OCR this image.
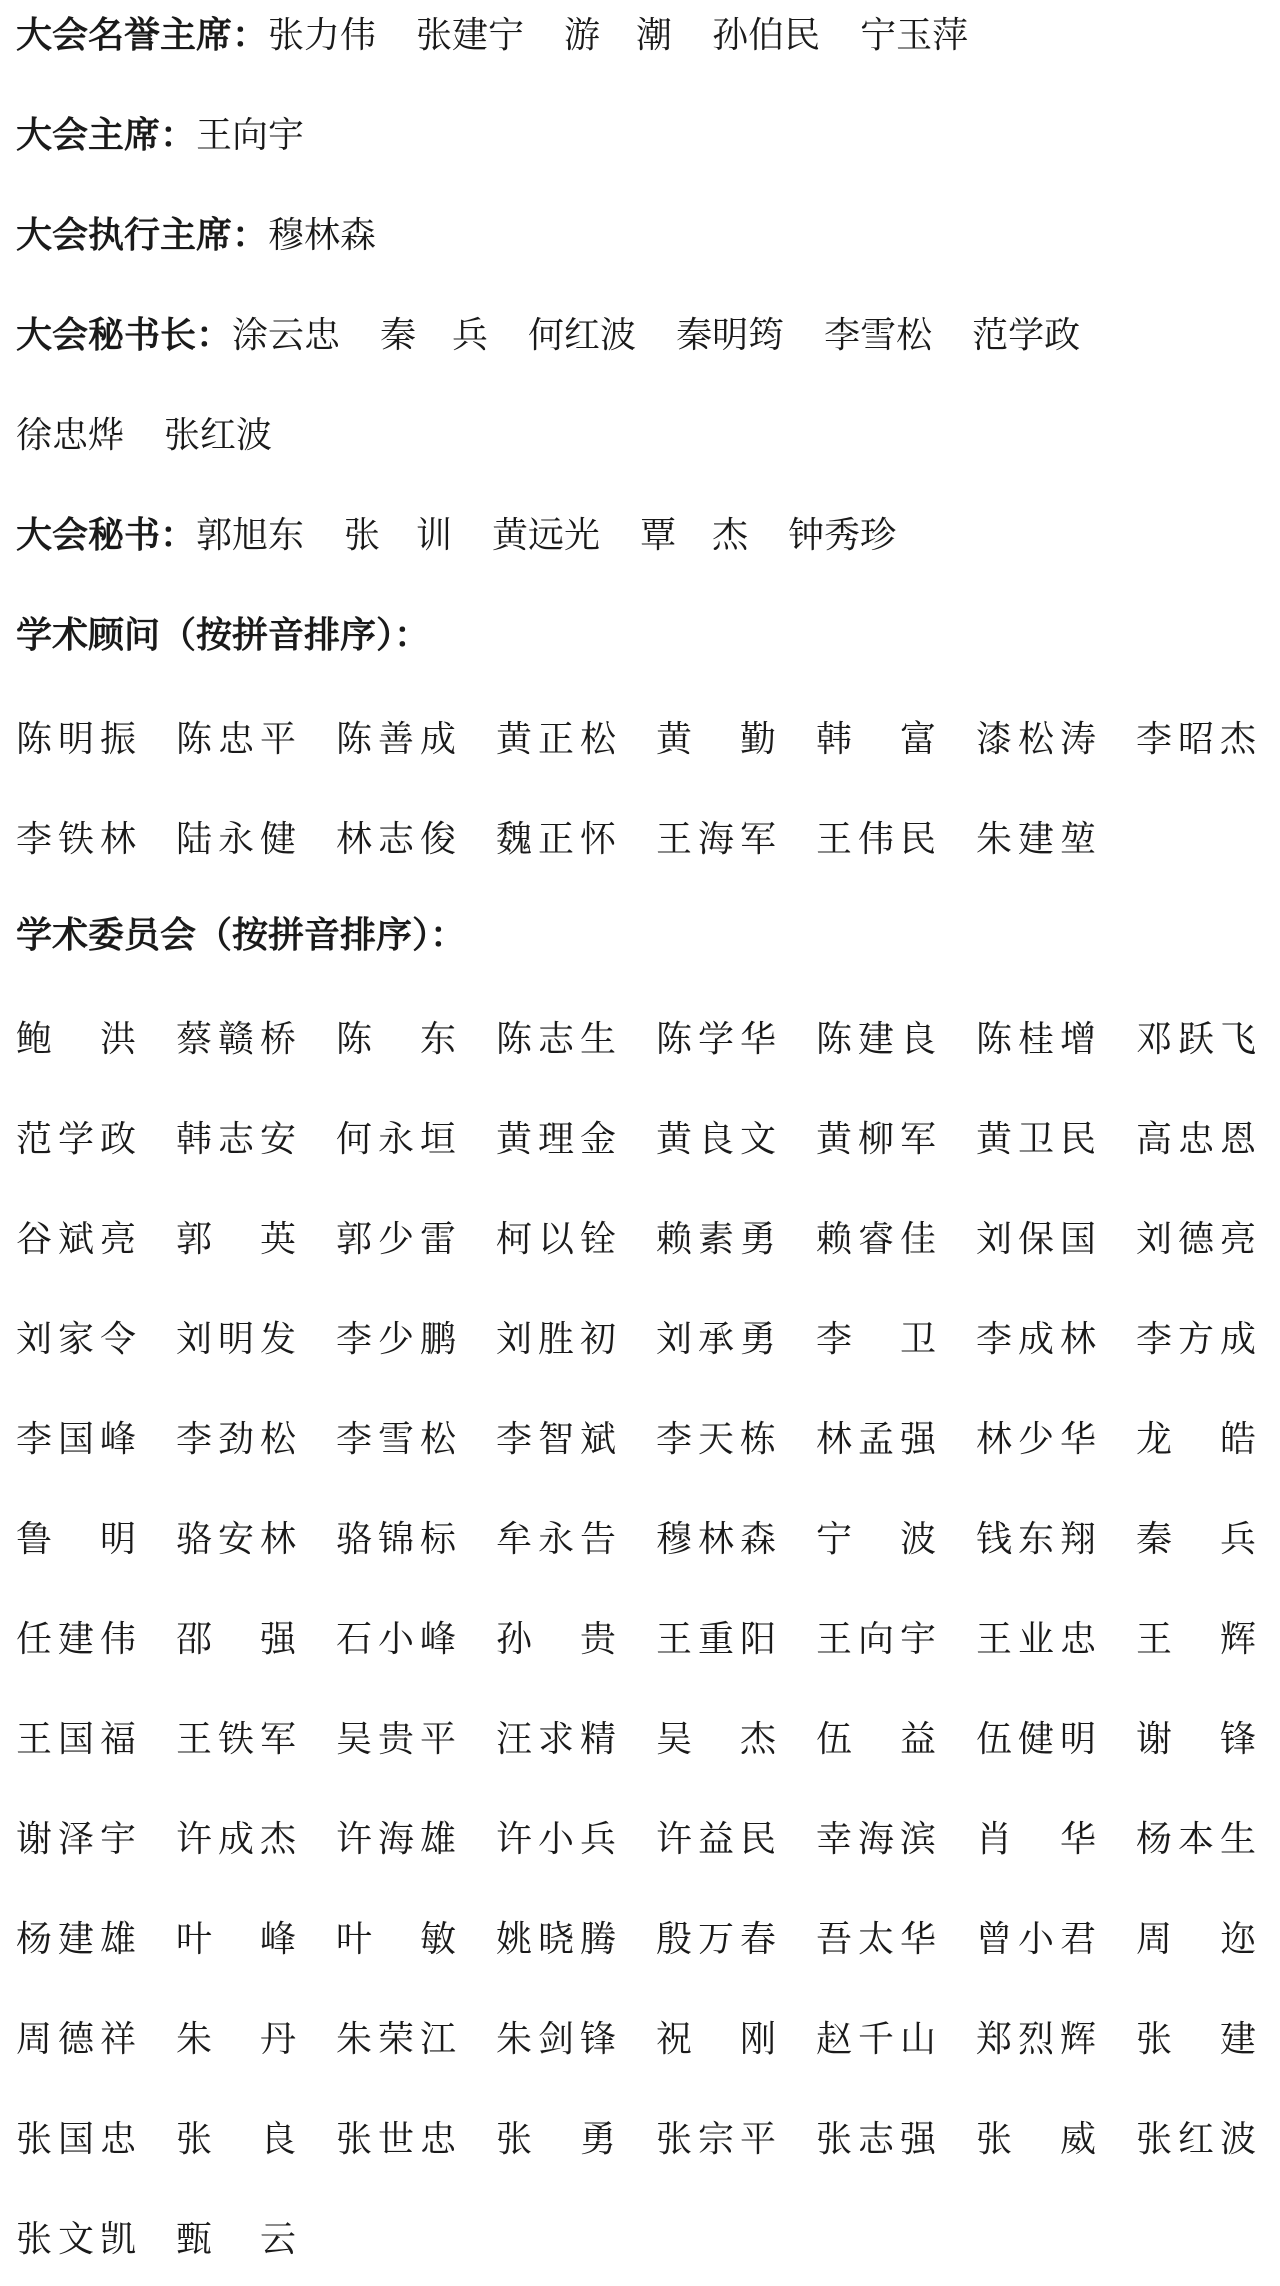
大会名誉主席： 张力伟 张建宁 游　潮 孙伯民 宁玉萍
大会主席： 王向宇
大会执行主席： 穆林森
大会秘书长： 涂云忠 秦　兵 何红波 秦明筠 李雪松 范学政
徐忠烨 张红波
大会秘书： 郭旭东 张　训 黄远光 覃　杰 钟秀珍
学术顾问（按拼音排序）：
陈明振	陈忠平	陈善成	黄正松	黄　勤	韩　富	漆松涛	李昭杰
李铁林	陆永健	林志俊	魏正怀	王海军	王伟民	朱建堃
学术委员会（按拼音排序）：
鲍　洪	蔡赣桥	陈　东	陈志生	陈学华	陈建良	陈桂增	邓跃飞
范学政	韩志安	何永垣	黄理金	黄良文	黄柳军	黄卫民	高忠恩
谷斌亮	郭　英	郭少雷	柯以铨	赖素勇	赖睿佳	刘保国	刘德亮
刘家令	刘明发	李少鹏	刘胜初	刘承勇	李　卫	李成林	李方成
李国峰	李劲松	李雪松	李智斌	李天栋	林孟强	林少华	龙　皓
鲁　明	骆安林	骆锦标	牟永告	穆林森	宁　波	钱东翔	秦　兵
任建伟	邵　强	石小峰	孙　贵	王重阳	王向宇	王业忠	王　辉
王国福	王铁军	吴贵平	汪求精	吴　杰	伍　益	伍健明	谢　锋
谢泽宇	许成杰	许海雄	许小兵	许益民	幸海滨	肖　华	杨本生
杨建雄	叶　峰	叶　敏	姚晓腾	殷万春	吾太华	曾小君	周　迩
周德祥	朱　丹	朱荣江	朱剑锋	祝　刚	赵千山	郑烈辉	张　建
张国忠	张　良	张世忠	张　勇	张宗平	张志强	张　威	张红波
张文凯	甄　云
